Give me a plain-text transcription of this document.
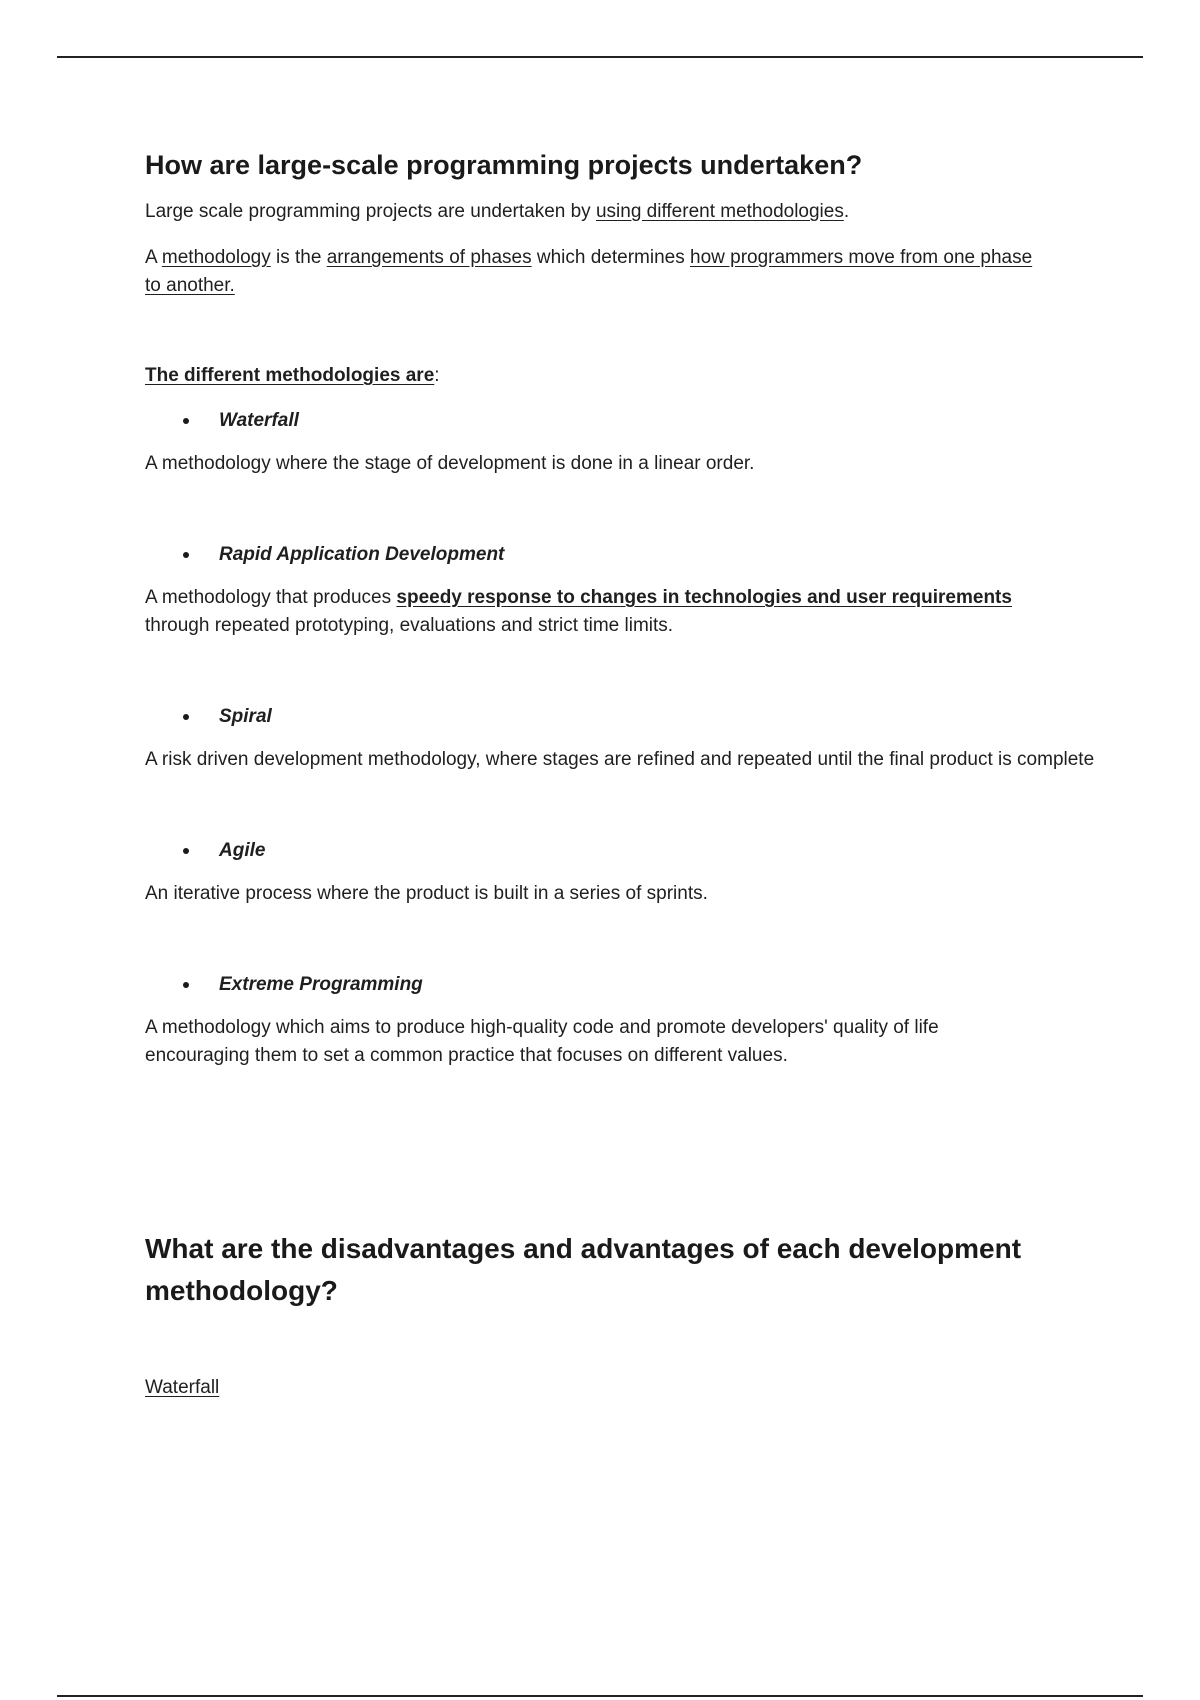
How are large-scale programming projects undertaken?

Large scale programming projects are undertaken by using different methodologies.

A methodology is the arrangements of phases which determines how programmers move from one phase to another.

The different methodologies are:

Waterfall

A methodology where the stage of development is done in a linear order.

Rapid Application Development

A methodology that produces speedy response to changes in technologies and user requirements through repeated prototyping, evaluations and strict time limits.

Spiral

A risk driven development methodology, where stages are refined and repeated until the final product is complete

Agile

An iterative process where the product is built in a series of sprints.

Extreme Programming

A methodology which aims to produce high-quality code and promote developers' quality of life encouraging them to set a common practice that focuses on different values.

What are the disadvantages and advantages of each development methodology?

Waterfall
